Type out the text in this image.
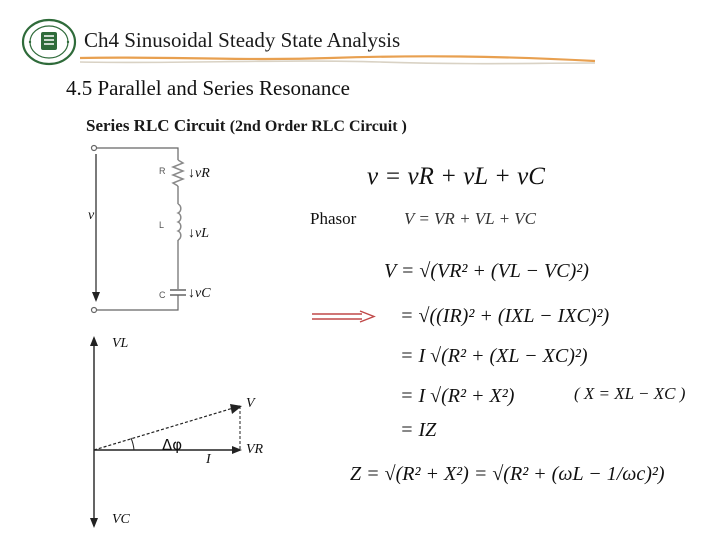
Ch4 Sinusoidal Steady State Analysis
4.5 Parallel and Series Resonance
Series RLC Circuit (2nd Order RLC Circuit )
R
L
C
v
↓vR
↓vL
↓vC
v = vR + vL + vC
Phasor	V = VR + VL + VC
V = √(VR² + (VL − VC)²)
= √((IR)² + (IXL − IXC)²)
= I √(R² + (XL − XC)²)
= I √(R² + X²)	( X = XL − XC )
= IZ
Z = √(R² + X²) = √(R² + (ωL − 1/ωc)²)
Δφ
VL
VC
V
VR
I
